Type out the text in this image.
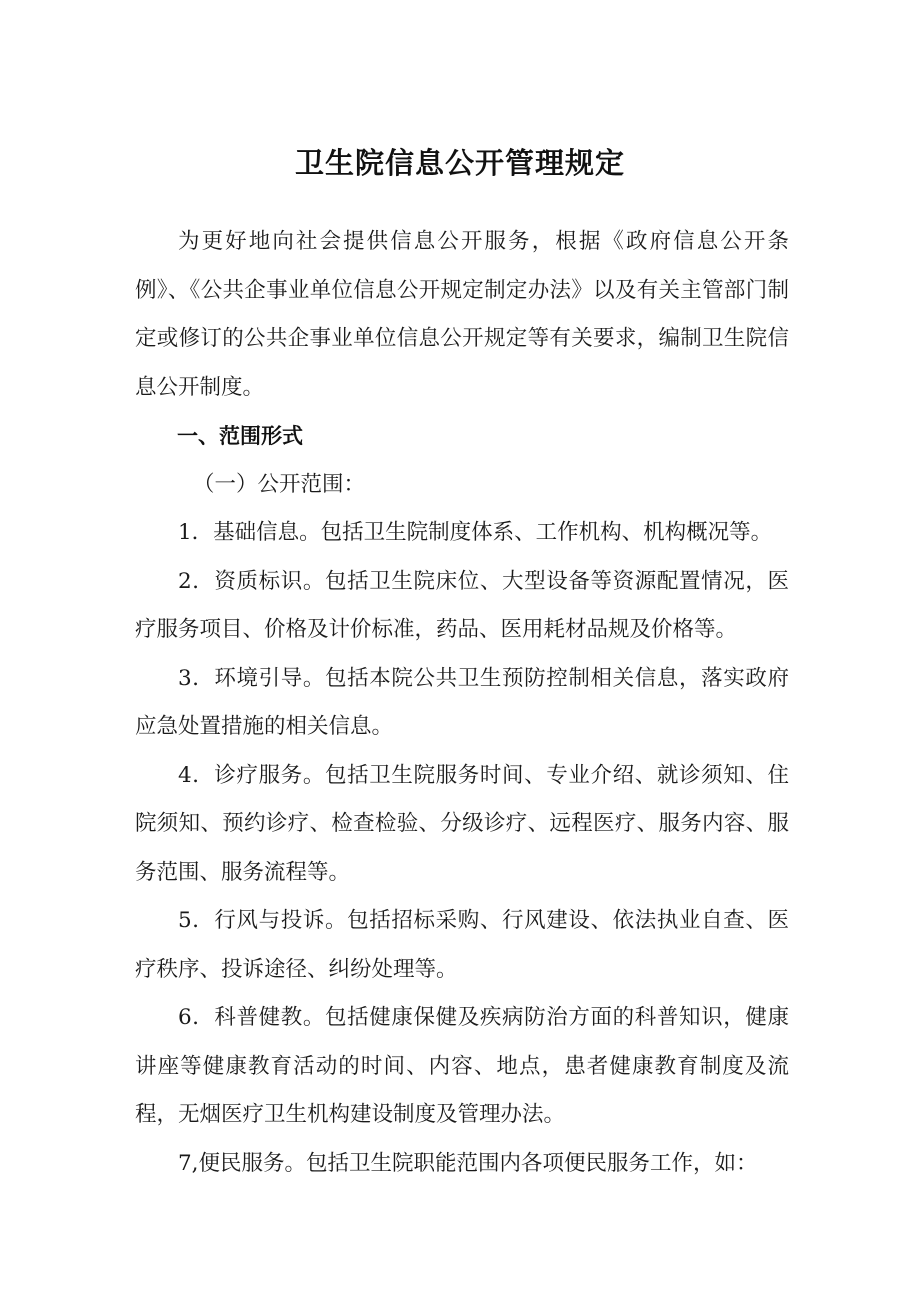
卫生院信息公开管理规定

为更好地向社会提供信息公开服务，根据《政府信息公开条例》、《公共企事业单位信息公开规定制定办法》以及有关主管部门制定或修订的公共企事业单位信息公开规定等有关要求，编制卫生院信息公开制度。

一、范围形式

（一）公开范围：

1．基础信息。包括卫生院制度体系、工作机构、机构概况等。

2．资质标识。包括卫生院床位、大型设备等资源配置情况，医疗服务项目、价格及计价标准，药品、医用耗材品规及价格等。

3．环境引导。包括本院公共卫生预防控制相关信息，落实政府应急处置措施的相关信息。

4．诊疗服务。包括卫生院服务时间、专业介绍、就诊须知、住院须知、预约诊疗、检查检验、分级诊疗、远程医疗、服务内容、服务范围、服务流程等。

5．行风与投诉。包括招标采购、行风建设、依法执业自查、医疗秩序、投诉途径、纠纷处理等。

6．科普健教。包括健康保健及疾病防治方面的科普知识，健康讲座等健康教育活动的时间、内容、地点，患者健康教育制度及流程，无烟医疗卫生机构建设制度及管理办法。

7,便民服务。包括卫生院职能范围内各项便民服务工作，如：
